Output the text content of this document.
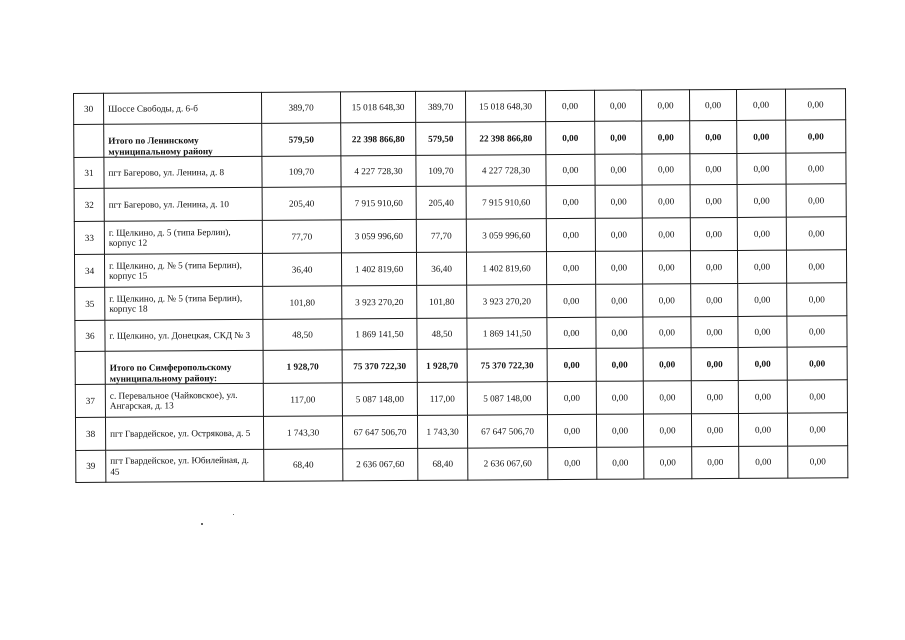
30	Шоссе Свободы, д. 6-б	389,70	15 018 648,30	389,70	15 018 648,30	0,00	0,00	0,00	0,00	0,00	0,00
	Итого по Ленинскому муниципальному району	579,50	22 398 866,80	579,50	22 398 866,80	0,00	0,00	0,00	0,00	0,00	0,00
31	пгт Багерово, ул. Ленина, д. 8	109,70	4 227 728,30	109,70	4 227 728,30	0,00	0,00	0,00	0,00	0,00	0,00
32	пгт Багерово, ул. Ленина, д. 10	205,40	7 915 910,60	205,40	7 915 910,60	0,00	0,00	0,00	0,00	0,00	0,00
33	г. Щелкино, д. 5 (типа Берлин), корпус 12	77,70	3 059 996,60	77,70	3 059 996,60	0,00	0,00	0,00	0,00	0,00	0,00
34	г. Щелкино, д. № 5 (типа Берлин), корпус 15	36,40	1 402 819,60	36,40	1 402 819,60	0,00	0,00	0,00	0,00	0,00	0,00
35	г. Щелкино, д. № 5 (типа Берлин), корпус 18	101,80	3 923 270,20	101,80	3 923 270,20	0,00	0,00	0,00	0,00	0,00	0,00
36	г. Щелкино, ул. Донецкая, СКД № 3	48,50	1 869 141,50	48,50	1 869 141,50	0,00	0,00	0,00	0,00	0,00	0,00
	Итого по Симферопольскому муниципальному району:	1 928,70	75 370 722,30	1 928,70	75 370 722,30	0,00	0,00	0,00	0,00	0,00	0,00
37	с. Перевальное (Чайковское), ул. Ангарская, д. 13	117,00	5 087 148,00	117,00	5 087 148,00	0,00	0,00	0,00	0,00	0,00	0,00
38	пгт Гвардейское, ул. Острякова, д. 5	1 743,30	67 647 506,70	1 743,30	67 647 506,70	0,00	0,00	0,00	0,00	0,00	0,00
39	пгт Гвардейское, ул. Юбилейная, д. 45	68,40	2 636 067,60	68,40	2 636 067,60	0,00	0,00	0,00	0,00	0,00	0,00
